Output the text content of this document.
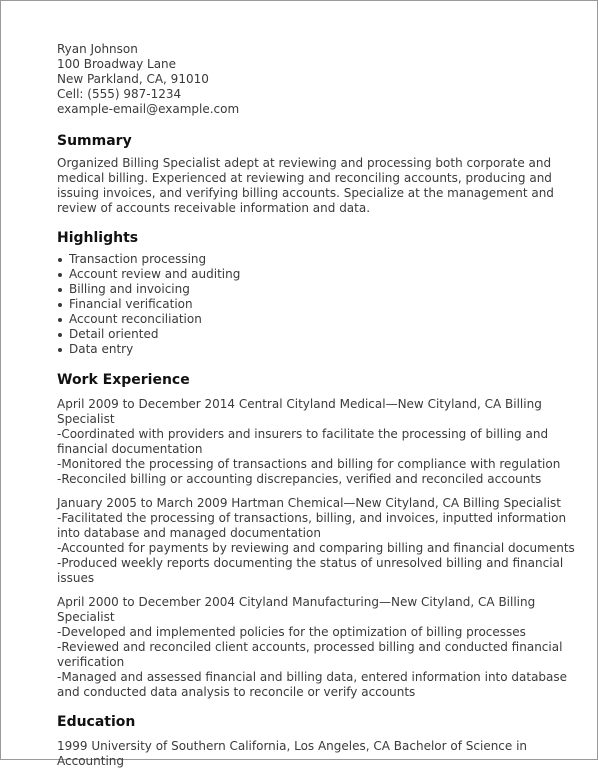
Ryan Johnson
100 Broadway Lane
New Parkland, CA, 91010
Cell: (555) 987-1234
example-email@example.com
Summary

Organized Billing Specialist adept at reviewing and processing both corporate and medical billing. Experienced at reviewing and reconciling accounts, producing and issuing invoices, and verifying billing accounts. Specialize at the management and review of accounts receivable information and data.

Highlights
Transaction processing
Account review and auditing
Billing and invoicing
Financial verification
Account reconciliation
Detail oriented
Data entry
Work Experience
April 2009 to December 2014 Central Cityland Medical—New Cityland, CA Billing Specialist
-Coordinated with providers and insurers to facilitate the processing of billing and financial documentation
-Monitored the processing of transactions and billing for compliance with regulation
-Reconciled billing or accounting discrepancies, verified and reconciled accounts
January 2005 to March 2009 Hartman Chemical—New Cityland, CA Billing Specialist
-Facilitated the processing of transactions, billing, and invoices, inputted information into database and managed documentation
-Accounted for payments by reviewing and comparing billing and financial documents
-Produced weekly reports documenting the status of unresolved billing and financial issues
April 2000 to December 2004 Cityland Manufacturing—New Cityland, CA Billing Specialist
-Developed and implemented policies for the optimization of billing processes
-Reviewed and reconciled client accounts, processed billing and conducted financial verification
-Managed and assessed financial and billing data, entered information into database and conducted data analysis to reconcile or verify accounts
Education

1999 University of Southern California, Los Angeles, CA Bachelor of Science in Accounting
